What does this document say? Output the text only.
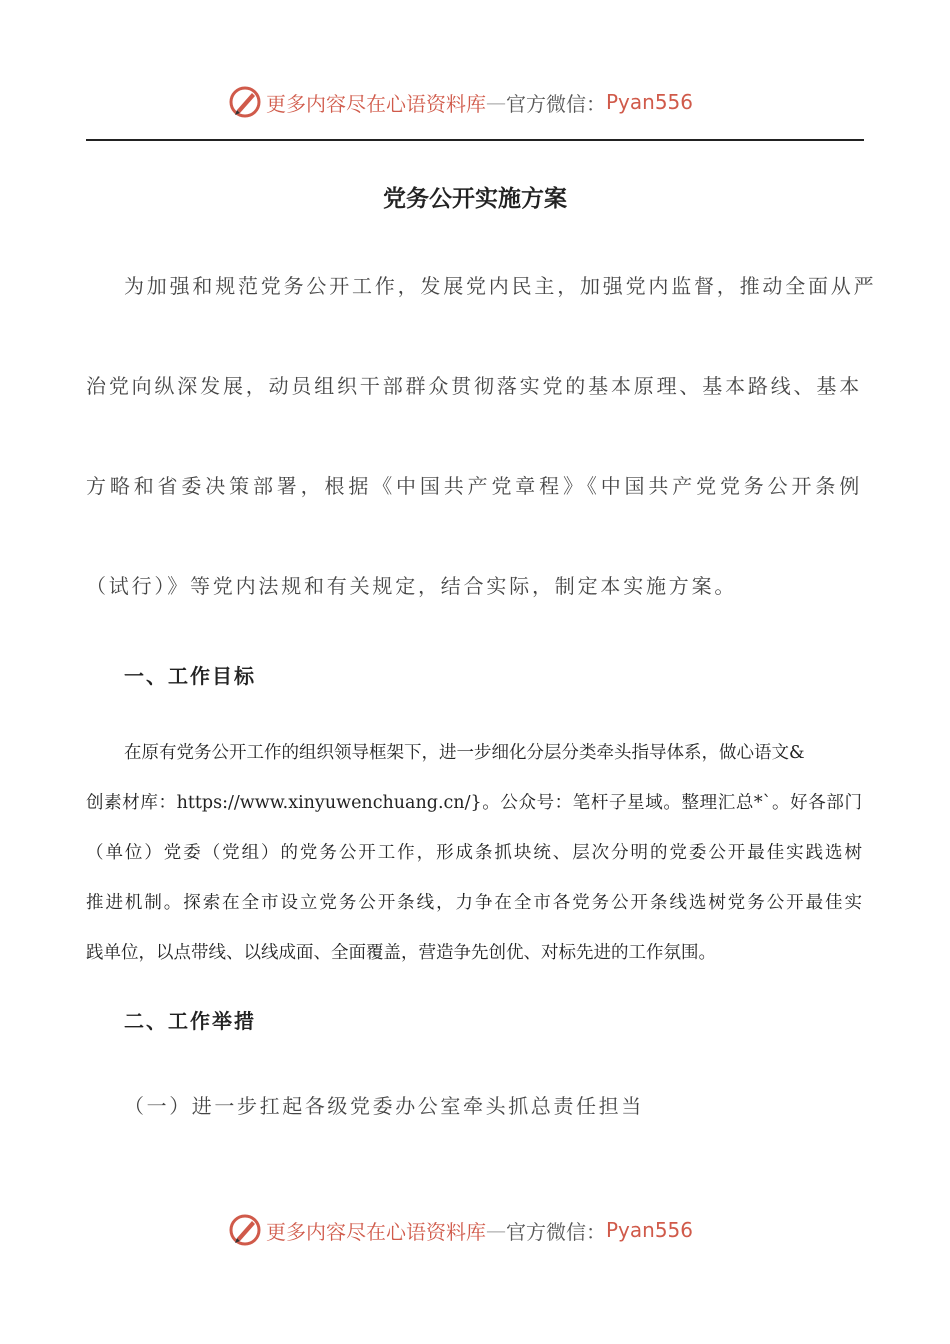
更多内容尽在心语资料库 — 官方微信： Pyan556
党务公开实施方案
为加强和规范党务公开工作，发展党内民主，加强党内监督，推动全面从严
治党向纵深发展，动员组织干部群众贯彻落实党的基本原理、基本路线、基本
方略和省委决策部署，根据《中国共产党章程》《中国共产党党务公开条例
（试行）》等党内法规和有关规定，结合实际，制定本实施方案。
一、工作目标
在原有党务公开工作的组织领导框架下，进一步细化分层分类牵头指导体系，做心语文&
创素材库：https://www.xinyuwenchuang.cn/}。公众号：笔杆子星域。整理汇总*`。好各部门
（单位）党委（党组）的党务公开工作，形成条抓块统、层次分明的党委公开最佳实践选树
推进机制。探索在全市设立党务公开条线，力争在全市各党务公开条线选树党务公开最佳实
践单位，以点带线、以线成面、全面覆盖，营造争先创优、对标先进的工作氛围。
二、工作举措
（一）进一步扛起各级党委办公室牵头抓总责任担当
更多内容尽在心语资料库 — 官方微信： Pyan556
